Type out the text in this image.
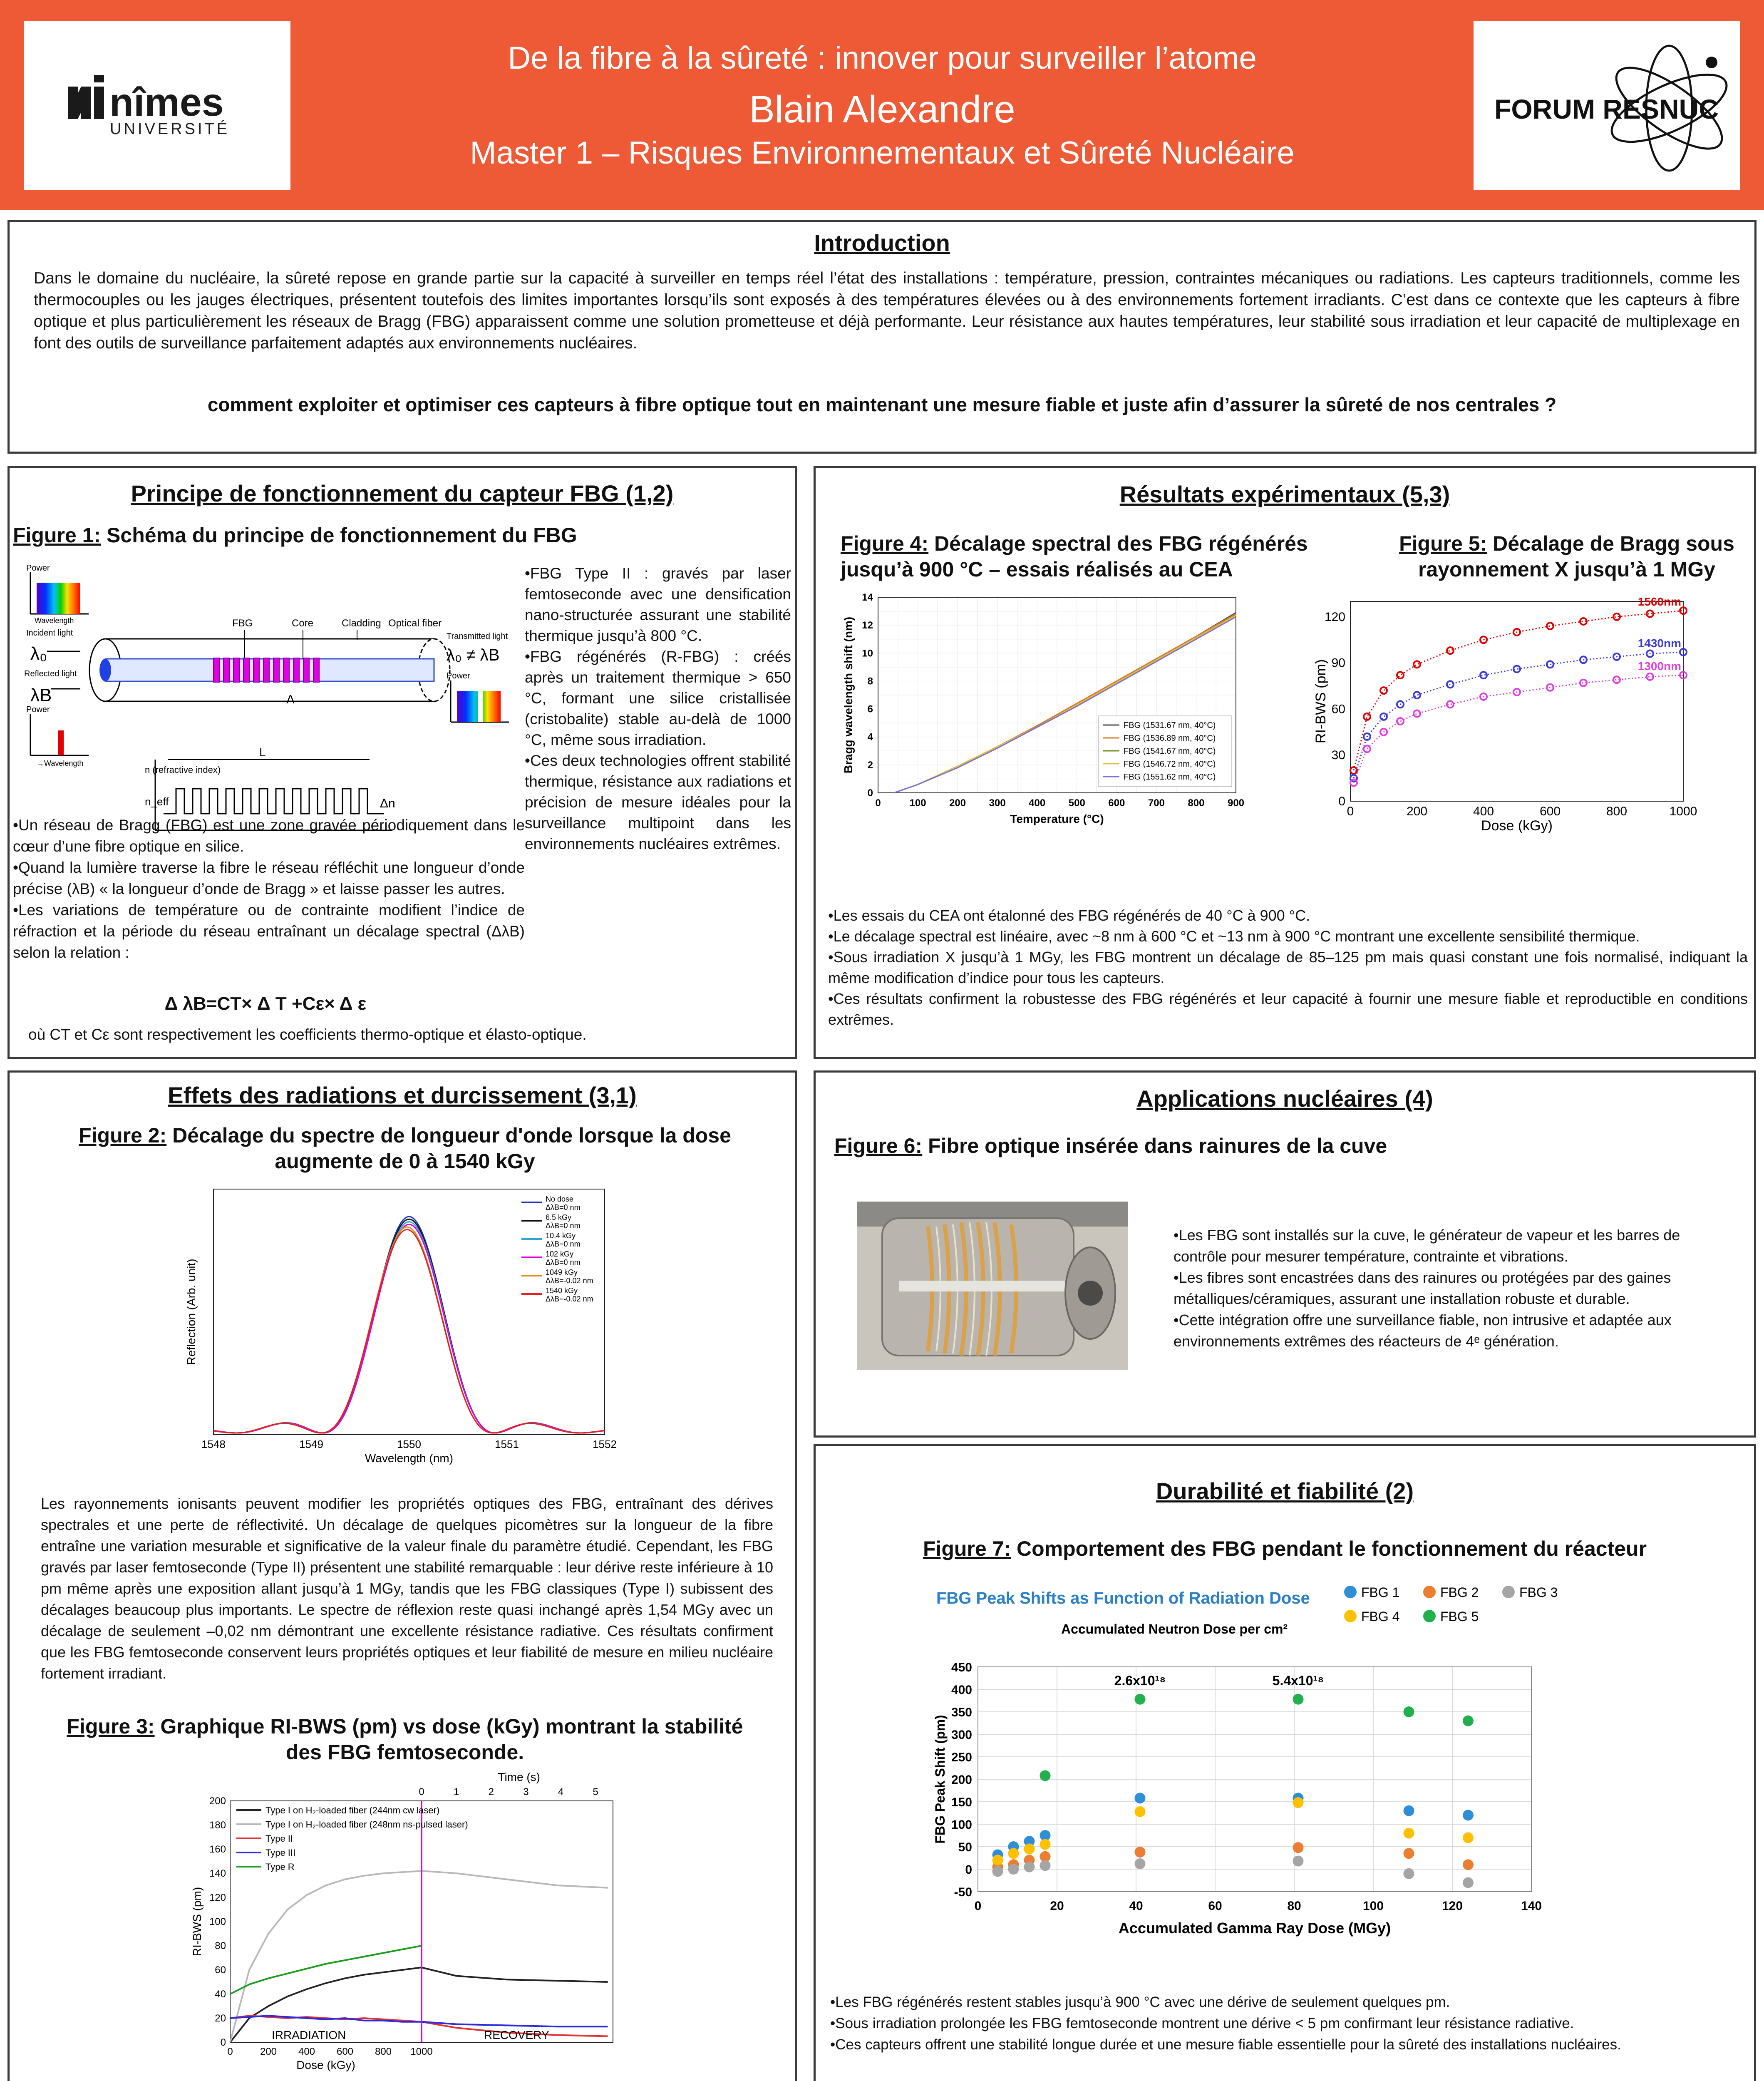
nîmes
UNIVERSITÉ
De la fibre à la sûreté : innover pour surveiller l’atome
Blain Alexandre
Master 1 – Risques Environnementaux et Sûreté Nucléaire
FORUM RESNUC
Introduction
Dans le domaine du nucléaire, la sûreté repose en grande partie sur la capacité à surveiller en temps réel l’état des installations : température, pression, contraintes mécaniques ou radiations. Les capteurs traditionnels, comme les thermocouples ou les jauges électriques, présentent toutefois des limites importantes lorsqu’ils sont exposés à des températures élevées ou à des environnements fortement irradiants. C’est dans ce contexte que les capteurs à fibre optique et plus particulièrement les réseaux de Bragg (FBG) apparaissent comme une solution prometteuse et déjà performante. Leur résistance aux hautes températures, leur stabilité sous irradiation et leur capacité de multiplexage en font des outils de surveillance parfaitement adaptés aux environnements nucléaires.
comment exploiter et optimiser ces capteurs à fibre optique tout en maintenant une mesure fiable et juste afin d’assurer la sûreté de nos centrales ?
Principe de fonctionnement du capteur FBG (1,2)
Figure 1: Schéma du principe de fonctionnement du FBG
Power
Wavelength
Incident light
λ₀
Reflected light
λB
Power
→Wavelength
FBG	Core	Cladding Optical fiber
Λ
λ₀ ≠ λB
Transmitted light
Power
n (refractive index)
n_eff
L
Δn

•FBG Type II : gravés par laser femtoseconde avec une densification nano-structurée assurant une stabilité thermique jusqu’à 800 °C.

•FBG régénérés (R-FBG) : créés après un traitement thermique > 650 °C, formant une silice cristallisée (cristobalite) stable au-delà de 1000 °C, même sous irradiation.

•Ces deux technologies offrent stabilité thermique, résistance aux radiations et précision de mesure idéales pour la surveillance multipoint dans les environnements nucléaires extrêmes.

•Un réseau de Bragg (FBG) est une zone gravée périodiquement dans le cœur d’une fibre optique en silice.

•Quand la lumière traverse la fibre le réseau réfléchit une longueur d’onde précise (λB) « la longueur d’onde de Bragg » et laisse passer les autres.

•Les variations de température ou de contrainte modifient l’indice de réfraction et la période du réseau entraînant un décalage spectral (ΔλB) selon la relation :

Δ λB=CT× Δ T +Cε× Δ ε
où CT et Cε sont respectivement les coefficients thermo-optique et élasto-optique.
Résultats expérimentaux (5,3)
Figure 4: Décalage spectral des FBG régénérés jusqu’à 900 °C – essais réalisés au CEA
Figure 5: Décalage de Bragg sous rayonnement X jusqu’à 1 MGy
0	100 200 300 400 500 600 700 800 900
0
2
4
6
8
10
12
14
Temperature (°C)
Bragg wavelength shift (nm)	FBG (1531.67 nm, 40°C)
FBG (1536.89 nm, 40°C)
FBG (1541.67 nm, 40°C)
FBG (1546.72 nm, 40°C)
FBG (1551.62 nm, 40°C)
0	200	400	600	800	1000
0
30
60
90
120
Dose (kGy)
RI-BWS (pm)
1560nm
1430nm
1300nm

•Les essais du CEA ont étalonné des FBG régénérés de 40 °C à 900 °C.

•Le décalage spectral est linéaire, avec ~8 nm à 600 °C et ~13 nm à 900 °C montrant une excellente sensibilité thermique.

•Sous irradiation X jusqu’à 1 MGy, les FBG montrent un décalage de 85–125 pm mais quasi constant une fois normalisé, indiquant la même modification d’indice pour tous les capteurs.

•Ces résultats confirment la robustesse des FBG régénérés et leur capacité à fournir une mesure fiable et reproductible en conditions extrêmes.

Effets des radiations et durcissement (3,1)
Figure 2: Décalage du spectre de longueur d'onde lorsque la dose augmente de 0 à 1540 kGy
1548	1549	1550	1551	1552
Wavelength (nm)
Reflection (Arb. unit)
No dose
ΔλB=0 nm
6.5 kGy
ΔλB=0 nm
10.4 kGy
ΔλB=0 nm
102 kGy
ΔλB=0 nm
1049 kGy
ΔλB=-0.02 nm
1540 kGy
ΔλB=-0.02 nm
Les rayonnements ionisants peuvent modifier les propriétés optiques des FBG, entraînant des dérives spectrales et une perte de réflectivité. Un décalage de quelques picomètres sur la longueur de la fibre entraîne une variation mesurable et significative de la valeur finale du paramètre étudié. Cependant, les FBG gravés par laser femtoseconde (Type II) présentent une stabilité remarquable : leur dérive reste inférieure à 10 pm même après une exposition allant jusqu’à 1 MGy, tandis que les FBG classiques (Type I) subissent des décalages beaucoup plus importants. Le spectre de réflexion reste quasi inchangé après 1,54 MGy avec un décalage de seulement –0,02 nm démontrant une excellente résistance radiative. Ces résultats confirment que les FBG femtoseconde conservent leurs propriétés optiques et leur fiabilité de mesure en milieu nucléaire fortement irradiant.
Figure 3: Graphique RI-BWS (pm) vs dose (kGy) montrant la stabilité des FBG femtoseconde.
0	200 400 600 800 1000
0
20
40
60
80
100
120
140
160
180
200
0	1	2	3	4	5
Time (s)
Dose (kGy)
RI-BWS (pm)
IRRADIATION	RECOVERY
Type I on H₂-loaded fiber (244nm cw laser)
Type I on H₂-loaded fiber (248nm ns-pulsed laser)
Type II
Type III
Type R
Applications nucléaires (4)
Figure 6: Fibre optique insérée dans rainures de la cuve

•Les FBG sont installés sur la cuve, le générateur de vapeur et les barres de contrôle pour mesurer température, contrainte et vibrations.

•Les fibres sont encastrées dans des rainures ou protégées par des gaines métalliques/céramiques, assurant une installation robuste et durable.

•Cette intégration offre une surveillance fiable, non intrusive et adaptée aux environnements extrêmes des réacteurs de 4ᵉ génération.

Durabilité et fiabilité (2)
Figure 7: Comportement des FBG pendant le fonctionnement du réacteur
FBG Peak Shifts as Function of Radiation Dose
Accumulated Neutron Dose per cm²
-50
0
50
100
150
200
250
300
350
400
450
0	20	40	60	80	100	120	140
Accumulated Gamma Ray Dose (MGy)
FBG Peak Shift (pm)
2.6x10¹⁸	5.4x10¹⁸
FBG 1	FBG 2	FBG 3
FBG 4	FBG 5

•Les FBG régénérés restent stables jusqu’à 900 °C avec une dérive de seulement quelques pm.

•Sous irradiation prolongée les FBG femtoseconde montrent une dérive < 5 pm confirmant leur résistance radiative.

•Ces capteurs offrent une stabilité longue durée et une mesure fiable essentielle pour la sûreté des installations nucléaires.
